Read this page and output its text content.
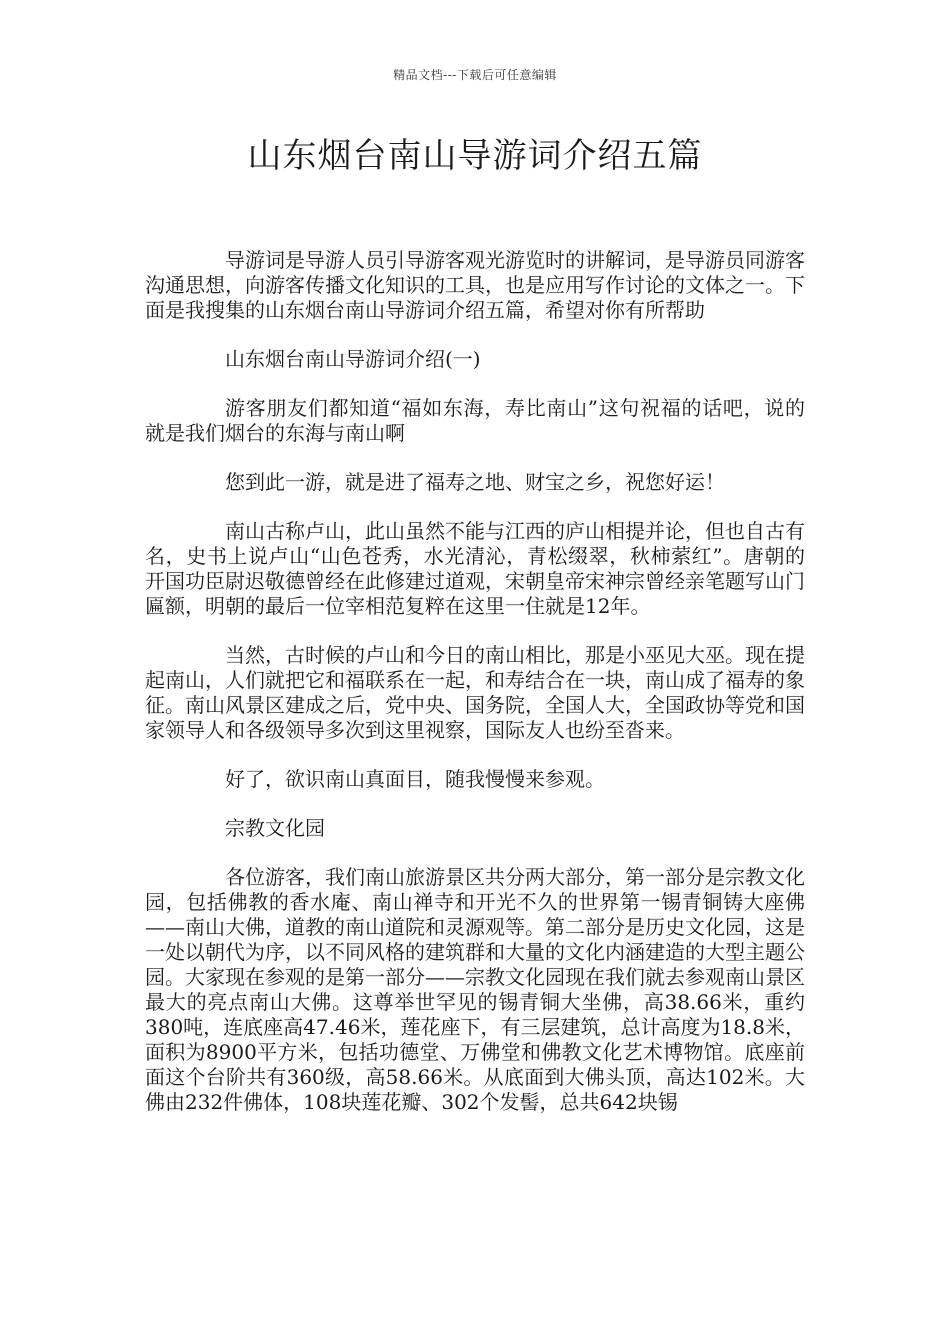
精品文档---下载后可任意编辑
山东烟台南山导游词介绍五篇

导游词是导游人员引导游客观光游览时的讲解词，是导游员同游客沟通思想，向游客传播文化知识的工具，也是应用写作讨论的文体之一。下面是我搜集的山东烟台南山导游词介绍五篇，希望对你有所帮助

山东烟台南山导游词介绍(一)

游客朋友们都知道“福如东海，寿比南山”这句祝福的话吧，说的就是我们烟台的东海与南山啊

您到此一游，就是进了福寿之地、财宝之乡，祝您好运！

南山古称卢山，此山虽然不能与江西的庐山相提并论，但也自古有名，史书上说卢山“山色苍秀，水光清沁，青松缀翠，秋柿萦红”。唐朝的开国功臣尉迟敬德曾经在此修建过道观，宋朝皇帝宋神宗曾经亲笔题写山门匾额，明朝的最后一位宰相范复粹在这里一住就是12年。

当然，古时候的卢山和今日的南山相比，那是小巫见大巫。现在提起南山，人们就把它和福联系在一起，和寿结合在一块，南山成了福寿的象征。南山风景区建成之后，党中央、国务院，全国人大，全国政协等党和国家领导人和各级领导多次到这里视察，国际友人也纷至沓来。

好了，欲识南山真面目，随我慢慢来参观。

宗教文化园

各位游客，我们南山旅游景区共分两大部分，第一部分是宗教文化园，包括佛教的香水庵、南山禅寺和开光不久的世界第一锡青铜铸大座佛——南山大佛，道教的南山道院和灵源观等。第二部分是历史文化园，这是一处以朝代为序，以不同风格的建筑群和大量的文化内涵建造的大型主题公园。大家现在参观的是第一部分——宗教文化园现在我们就去参观南山景区最大的亮点南山大佛。这尊举世罕见的锡青铜大坐佛，高38.66米，重约380吨，连底座高47.46米，莲花座下，有三层建筑，总计高度为18.8米，面积为8900平方米，包括功德堂、万佛堂和佛教文化艺术博物馆。底座前面这个台阶共有360级，高58.66米。从底面到大佛头顶，高达102米。大佛由232件佛体，108块莲花瓣、302个发髻，总共642块锡
